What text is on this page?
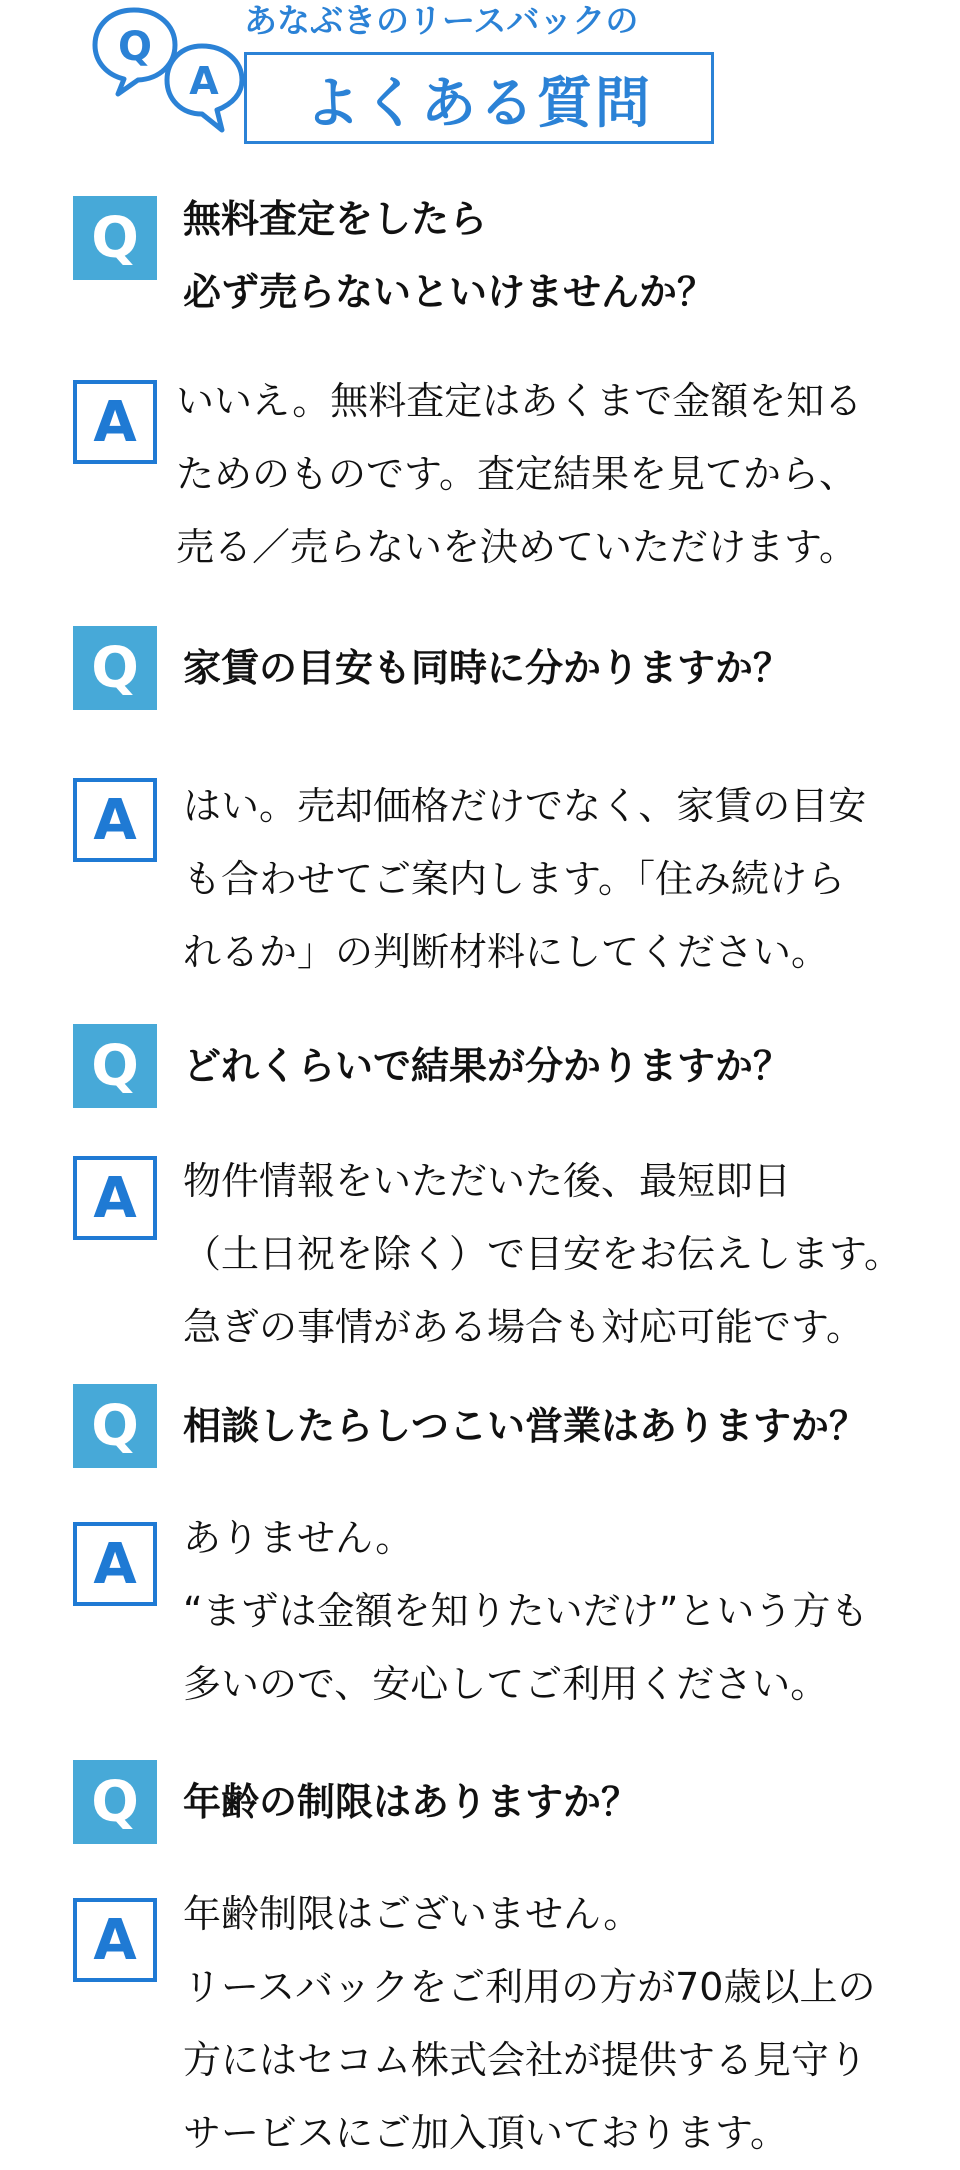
Q
A
あなぶきのリースバックの
よくある質問
Q	無料査定をしたら
必ず売らないといけませんか？
A	いいえ。無料査定はあくまで金額を知る
ためのものです。査定結果を見てから、
売る／売らないを決めていただけます。
Q	家賃の目安も同時に分かりますか？
A	はい。売却価格だけでなく、家賃の目安
も合わせてご案内します。「住み続けら
れるか」の判断材料にしてください。
Q	どれくらいで結果が分かりますか？
A	物件情報をいただいた後、最短即日
（土日祝を除く）で目安をお伝えします。
急ぎの事情がある場合も対応可能です。
Q	相談したらしつこい営業はありますか？
A	ありません。
“まずは金額を知りたいだけ”という方も
多いので、安心してご利用ください。
Q	年齢の制限はありますか？
A	年齢制限はございません。
リースバックをご利用の方が70歳以上の
方にはセコム株式会社が提供する見守り
サービスにご加入頂いております。
